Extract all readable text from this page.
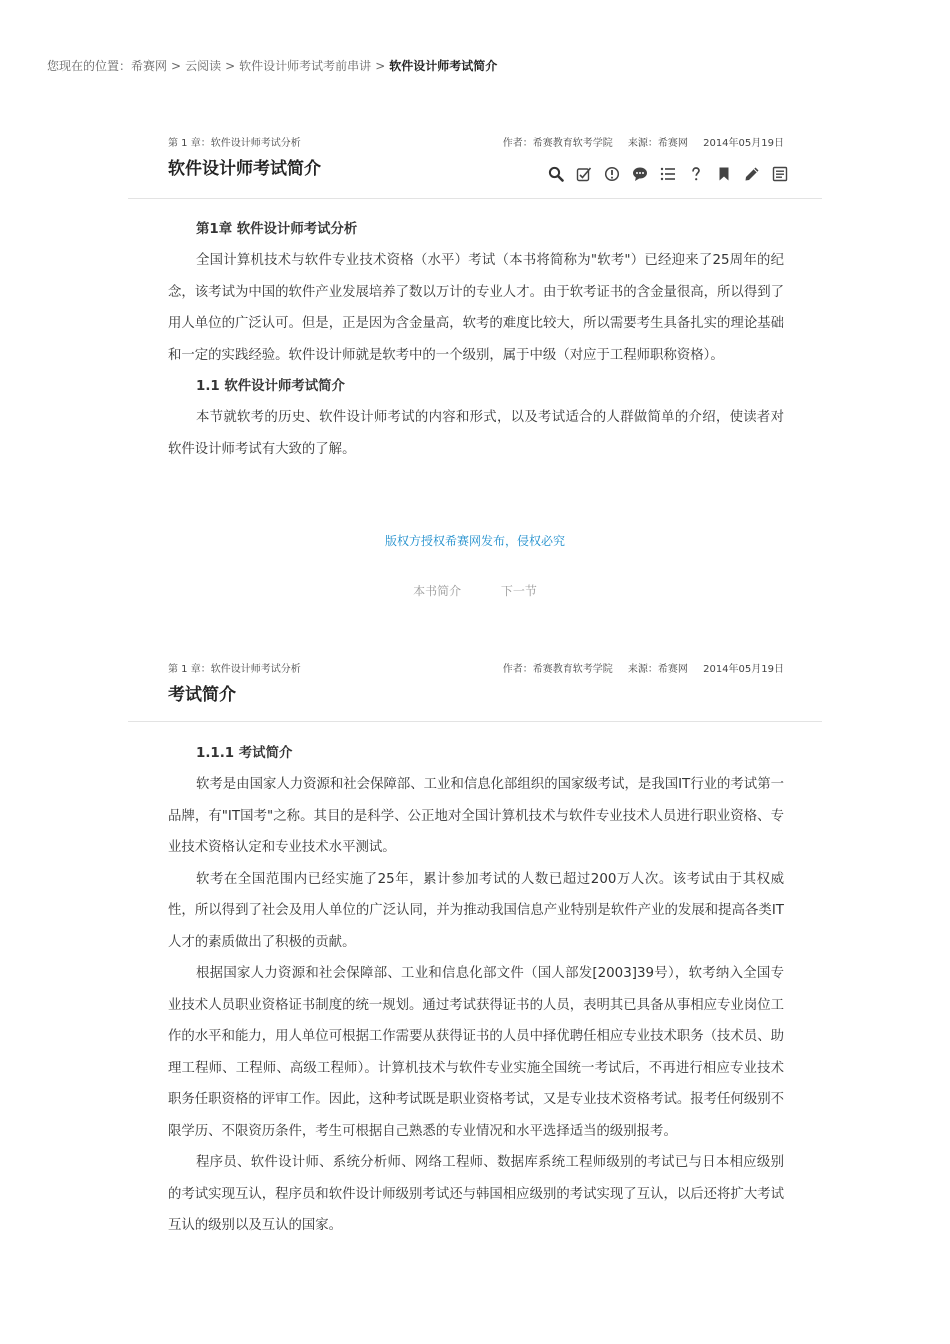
您现在的位置：希赛网 > 云阅读 > 软件设计师考试考前串讲 > 软件设计师考试简介
第 1 章：软件设计师考试分析	作者：希赛教育软考学院 来源：希赛网 2014年05月19日
软件设计师考试简介

第1章 软件设计师考试分析

全国计算机技术与软件专业技术资格（水平）考试（本书将简称为"软考"）已经迎来了25周年的纪念，该考试为中国的软件产业发展培养了数以万计的专业人才。由于软考证书的含金量很高，所以得到了用人单位的广泛认可。但是，正是因为含金量高，软考的难度比较大，所以需要考生具备扎实的理论基础和一定的实践经验。软件设计师就是软考中的一个级别，属于中级（对应于工程师职称资格）。

1.1 软件设计师考试简介

本节就软考的历史、软件设计师考试的内容和形式，以及考试适合的人群做简单的介绍，使读者对软件设计师考试有大致的了解。

版权方授权希赛网发布，侵权必究
本书简介	下一节
第 1 章：软件设计师考试分析	作者：希赛教育软考学院 来源：希赛网 2014年05月19日
考试简介

1.1.1 考试简介

软考是由国家人力资源和社会保障部、工业和信息化部组织的国家级考试，是我国IT行业的考试第一品牌，有"IT国考"之称。其目的是科学、公正地对全国计算机技术与软件专业技术人员进行职业资格、专业技术资格认定和专业技术水平测试。

软考在全国范围内已经实施了25年，累计参加考试的人数已超过200万人次。该考试由于其权威性，所以得到了社会及用人单位的广泛认同，并为推动我国信息产业特别是软件产业的发展和提高各类IT人才的素质做出了积极的贡献。

根据国家人力资源和社会保障部、工业和信息化部文件（国人部发[2003]39号），软考纳入全国专业技术人员职业资格证书制度的统一规划。通过考试获得证书的人员，表明其已具备从事相应专业岗位工作的水平和能力，用人单位可根据工作需要从获得证书的人员中择优聘任相应专业技术职务（技术员、助理工程师、工程师、高级工程师）。计算机技术与软件专业实施全国统一考试后，不再进行相应专业技术职务任职资格的评审工作。因此，这种考试既是职业资格考试，又是专业技术资格考试。报考任何级别不限学历、不限资历条件，考生可根据自己熟悉的专业情况和水平选择适当的级别报考。

程序员、软件设计师、系统分析师、网络工程师、数据库系统工程师级别的考试已与日本相应级别的考试实现互认，程序员和软件设计师级别考试还与韩国相应级别的考试实现了互认，以后还将扩大考试互认的级别以及互认的国家。
